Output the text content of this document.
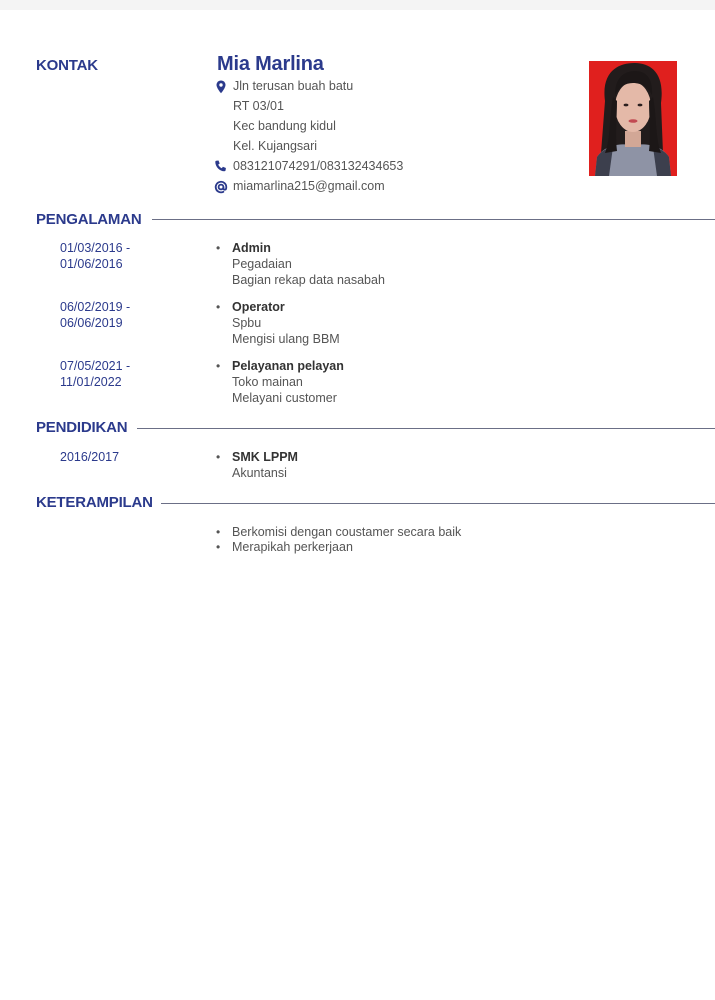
KONTAK	Mia Marlina
Jln terusan buah batu
RT 03/01
Kec bandung kidul
Kel. Kujangsari
083121074291/083132434653
miamarlina215@gmail.com
PENGALAMAN
01/03/2016 -
01/06/2016
• Admin
Pegadaian
Bagian rekap data nasabah
06/02/2019 -
06/06/2019
• Operator
Spbu
Mengisi ulang BBM
07/05/2021 -
11/01/2022
• Pelayanan pelayan
Toko mainan
Melayani customer
PENDIDIKAN
2016/2017	• SMK LPPM
Akuntansi
KETERAMPILAN
• Berkomisi dengan coustamer secara baik
• Merapikah perkerjaan
